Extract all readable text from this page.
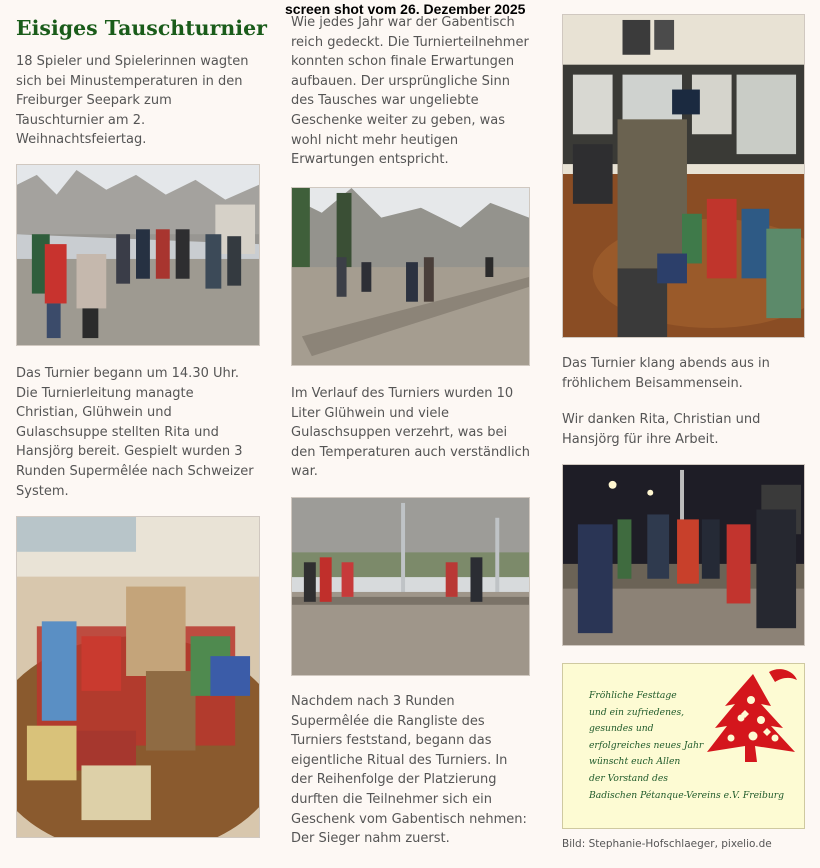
screen shot vom 26. Dezember 2025
Eisiges Tauschturnier

18 Spieler und Spielerinnen wagten

sich bei Minustemperaturen in den

Freiburger Seepark zum

Tauschturnier am 2.

Weihnachtsfeiertag.

Das Turnier begann um 14.30 Uhr.

Die Turnierleitung managte

Christian, Glühwein und

Gulaschsuppe stellten Rita und

Hansjörg bereit. Gespielt wurden 3

Runden Supermêlée nach Schweizer

System.

Wie jedes Jahr war der Gabentisch

reich gedeckt. Die Turnierteilnehmer

konnten schon finale Erwartungen

aufbauen. Der ursprüngliche Sinn

des Tausches war ungeliebte

Geschenke weiter zu geben, was

wohl nicht mehr heutigen

Erwartungen entspricht.

Im Verlauf des Turniers wurden 10

Liter Glühwein und viele

Gulaschsuppen verzehrt, was bei

den Temperaturen auch verständlich

war.

Nachdem nach 3 Runden

Supermêlée die Rangliste des

Turniers feststand, begann das

eigentliche Ritual des Turniers. In

der Reihenfolge der Platzierung

durften die Teilnehmer sich ein

Geschenk vom Gabentisch nehmen:

Der Sieger nahm zuerst.

Das Turnier klang abends aus in

fröhlichem Beisammensein.

Wir danken Rita, Christian und

Hansjörg für ihre Arbeit.

Fröhliche Festtage
und ein zufriedenes,
gesundes und
erfolgreiches neues Jahr
wünscht euch Allen
der Vorstand des
Badischen Pétanque-Vereins e.V. Freiburg
Bild: Stephanie-Hofschlaeger, pixelio.de
